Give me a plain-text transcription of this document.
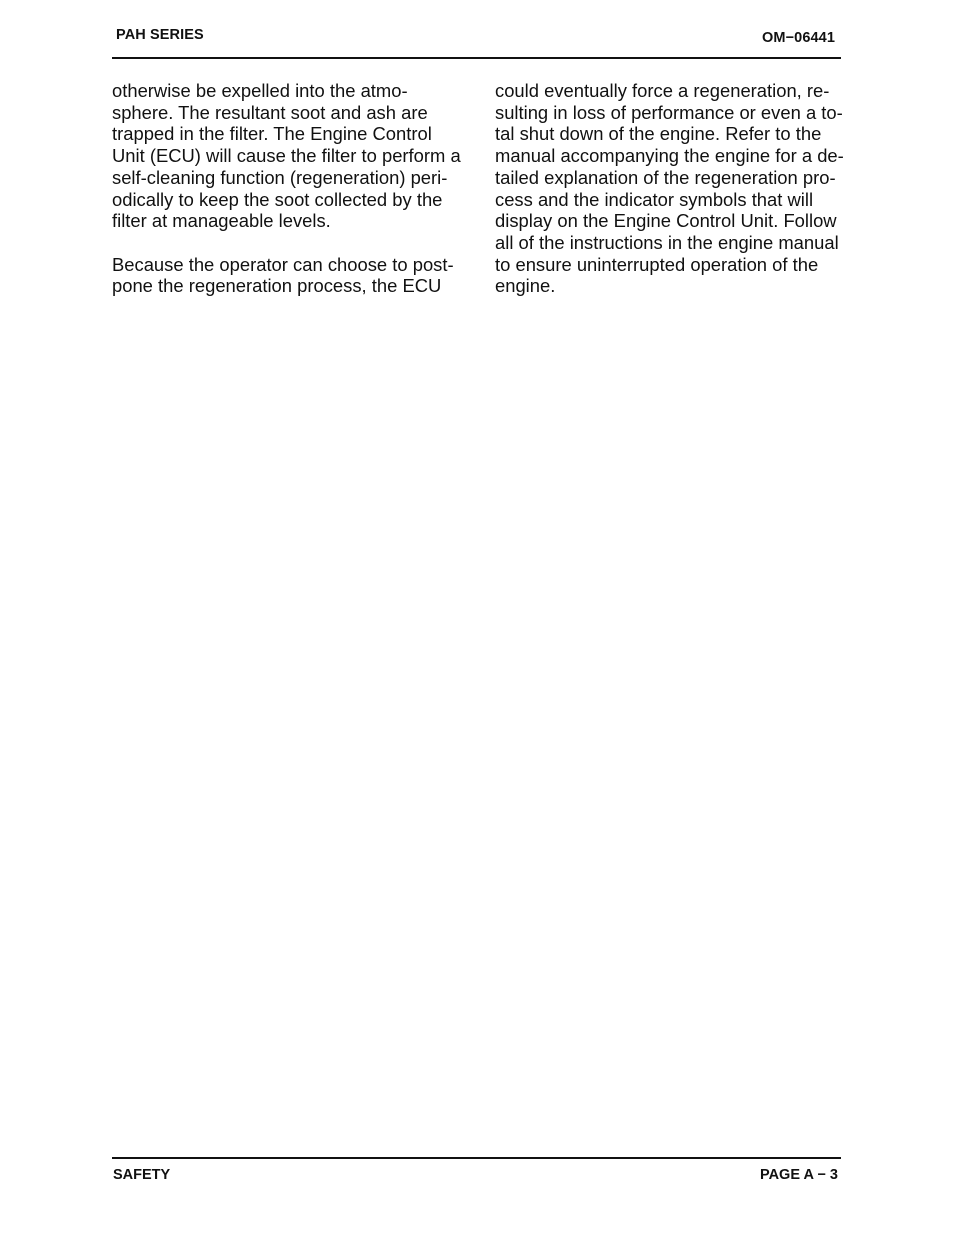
PAH SERIES	OM−06441

otherwise be expelled into the atmo-
sphere. The resultant soot and ash are
trapped in the filter. The Engine Control
Unit (ECU) will cause the filter to perform a
self-cleaning function (regeneration) peri-
odically to keep the soot collected by the
filter at manageable levels.

Because the operator can choose to post-
pone the regeneration process, the ECU

could eventually force a regeneration, re-
sulting in loss of performance or even a to-
tal shut down of the engine. Refer to the
manual accompanying the engine for a de-
tailed explanation of the regeneration pro-
cess and the indicator symbols that will
display on the Engine Control Unit. Follow
all of the instructions in the engine manual
to ensure uninterrupted operation of the
engine.

SAFETY	PAGE A − 3
